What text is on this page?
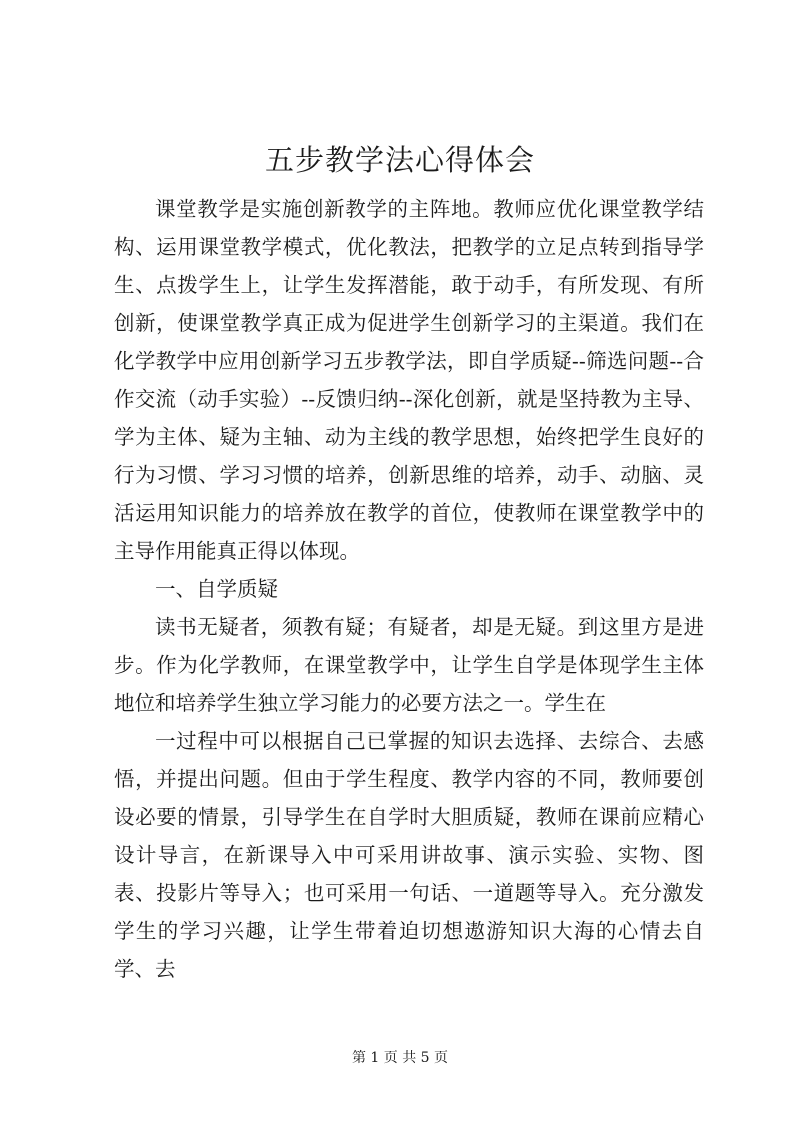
五步教学法心得体会

课堂教学是实施创新教学的主阵地。教师应优化课堂教学结构、运用课堂教学模式，优化教法，把教学的立足点转到指导学生、点拨学生上，让学生发挥潜能，敢于动手，有所发现、有所创新，使课堂教学真正成为促进学生创新学习的主渠道。我们在化学教学中应用创新学习五步教学法，即自学质疑--筛选问题--合作交流（动手实验）--反馈归纳--深化创新，就是坚持教为主导、学为主体、疑为主轴、动为主线的教学思想，始终把学生良好的行为习惯、学习习惯的培养，创新思维的培养，动手、动脑、灵活运用知识能力的培养放在教学的首位，使教师在课堂教学中的主导作用能真正得以体现。

一、自学质疑

读书无疑者，须教有疑；有疑者，却是无疑。到这里方是进步。作为化学教师，在课堂教学中，让学生自学是体现学生主体地位和培养学生独立学习能力的必要方法之一。学生在

一过程中可以根据自己已掌握的知识去选择、去综合、去感悟，并提出问题。但由于学生程度、教学内容的不同，教师要创设必要的情景，引导学生在自学时大胆质疑，教师在课前应精心设计导言，在新课导入中可采用讲故事、演示实验、实物、图表、投影片等导入；也可采用一句话、一道题等导入。充分激发学生的学习兴趣，让学生带着迫切想遨游知识大海的心情去自学、去

第 1 页 共 5 页
